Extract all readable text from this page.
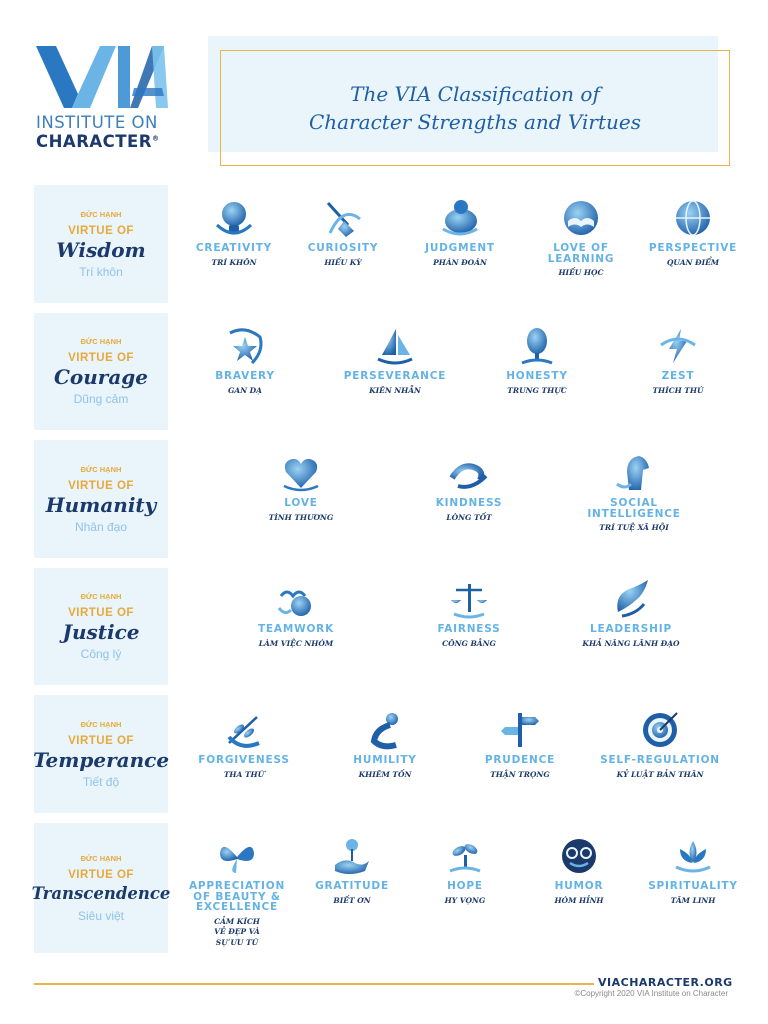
INSTITUTE ON
CHARACTER®
The VIA Classification of
Character Strengths and Virtues
ĐỨC HẠNH
VIRTUE OF
Wisdom
Trí khôn
CREATIVITY
TRÍ KHÔN
CURIOSITY
HIẾU KỲ
JUDGMENT
PHÁN ĐOÁN
LOVE OF
LEARNING
HIẾU HỌC
PERSPECTIVE
QUAN ĐIỂM
ĐỨC HẠNH
VIRTUE OF
Courage
Dũng cảm
BRAVERY
GAN DẠ
PERSEVERANCE
KIÊN NHẪN
HONESTY
TRUNG THỰC
ZEST
THÍCH THÚ
ĐỨC HẠNH
VIRTUE OF
Humanity
Nhân đạo
LOVE
TÌNH THƯƠNG
KINDNESS
LÒNG TỐT
SOCIAL INTELLIGENCE
TRÍ TUỆ XÃ HỘI
ĐỨC HẠNH
VIRTUE OF
Justice
Công lý
TEAMWORK
LÀM VIỆC NHÓM
FAIRNESS
CÔNG BẰNG
LEADERSHIP
KHẢ NĂNG LÃNH ĐẠO
ĐỨC HẠNH
VIRTUE OF
Temperance
Tiết độ
FORGIVENESS
THA THỨ
HUMILITY
KHIÊM TỐN
PRUDENCE
THẬN TRỌNG
SELF-REGULATION
KỶ LUẬT BẢN THÂN
ĐỨC HẠNH
VIRTUE OF
Transcendence
Siêu việt
APPRECIATION
OF BEAUTY &
EXCELLENCE
CẢM KÍCH
VẺ ĐẸP VÀ
SỰ ƯU TÚ
GRATITUDE
BIẾT ƠN
HOPE
HY VỌNG
HUMOR
HÓM HỈNH
SPIRITUALITY
TÂM LINH
VIACHARACTER.ORG
©Copyright 2020 VIA Institute on Character
